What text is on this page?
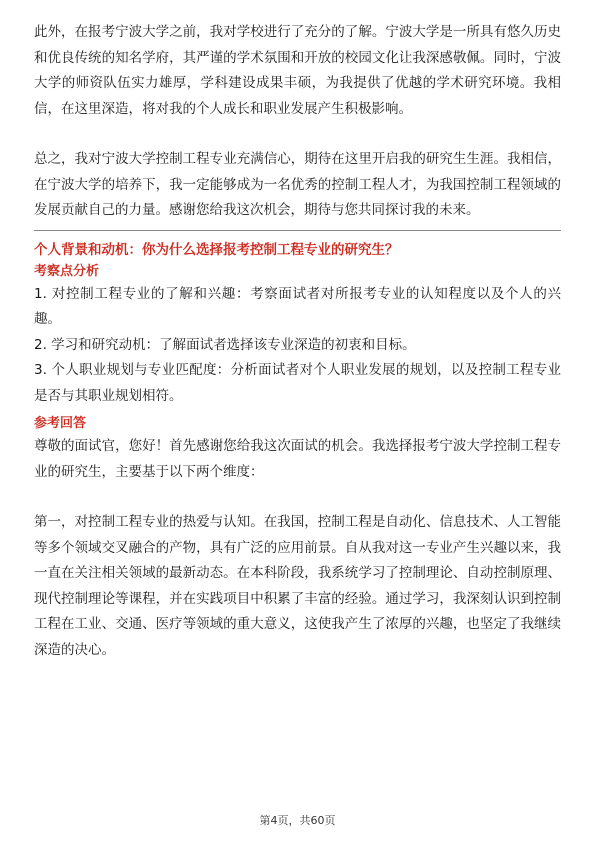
此外，在报考宁波大学之前，我对学校进行了充分的了解。宁波大学是一所具有悠久历史和优良传统的知名学府，其严谨的学术氛围和开放的校园文化让我深感敬佩。同时，宁波大学的师资队伍实力雄厚，学科建设成果丰硕，为我提供了优越的学术研究环境。我相信，在这里深造，将对我的个人成长和职业发展产生积极影响。

总之，我对宁波大学控制工程专业充满信心，期待在这里开启我的研究生生涯。我相信，在宁波大学的培养下，我一定能够成为一名优秀的控制工程人才，为我国控制工程领域的发展贡献自己的力量。感谢您给我这次机会，期待与您共同探讨我的未来。

个人背景和动机：你为什么选择报考控制工程专业的研究生？

考察点分析

1. 对控制工程专业的了解和兴趣：考察面试者对所报考专业的认知程度以及个人的兴趣。

2. 学习和研究动机：了解面试者选择该专业深造的初衷和目标。

3. 个人职业规划与专业匹配度：分析面试者对个人职业发展的规划，以及控制工程专业是否与其职业规划相符。

参考回答

尊敬的面试官，您好！首先感谢您给我这次面试的机会。我选择报考宁波大学控制工程专业的研究生，主要基于以下两个维度：

第一，对控制工程专业的热爱与认知。在我国，控制工程是自动化、信息技术、人工智能等多个领域交叉融合的产物，具有广泛的应用前景。自从我对这一专业产生兴趣以来，我一直在关注相关领域的最新动态。在本科阶段，我系统学习了控制理论、自动控制原理、现代控制理论等课程，并在实践项目中积累了丰富的经验。通过学习，我深刻认识到控制工程在工业、交通、医疗等领域的重大意义，这使我产生了浓厚的兴趣，也坚定了我继续深造的决心。

第4页，共60页
